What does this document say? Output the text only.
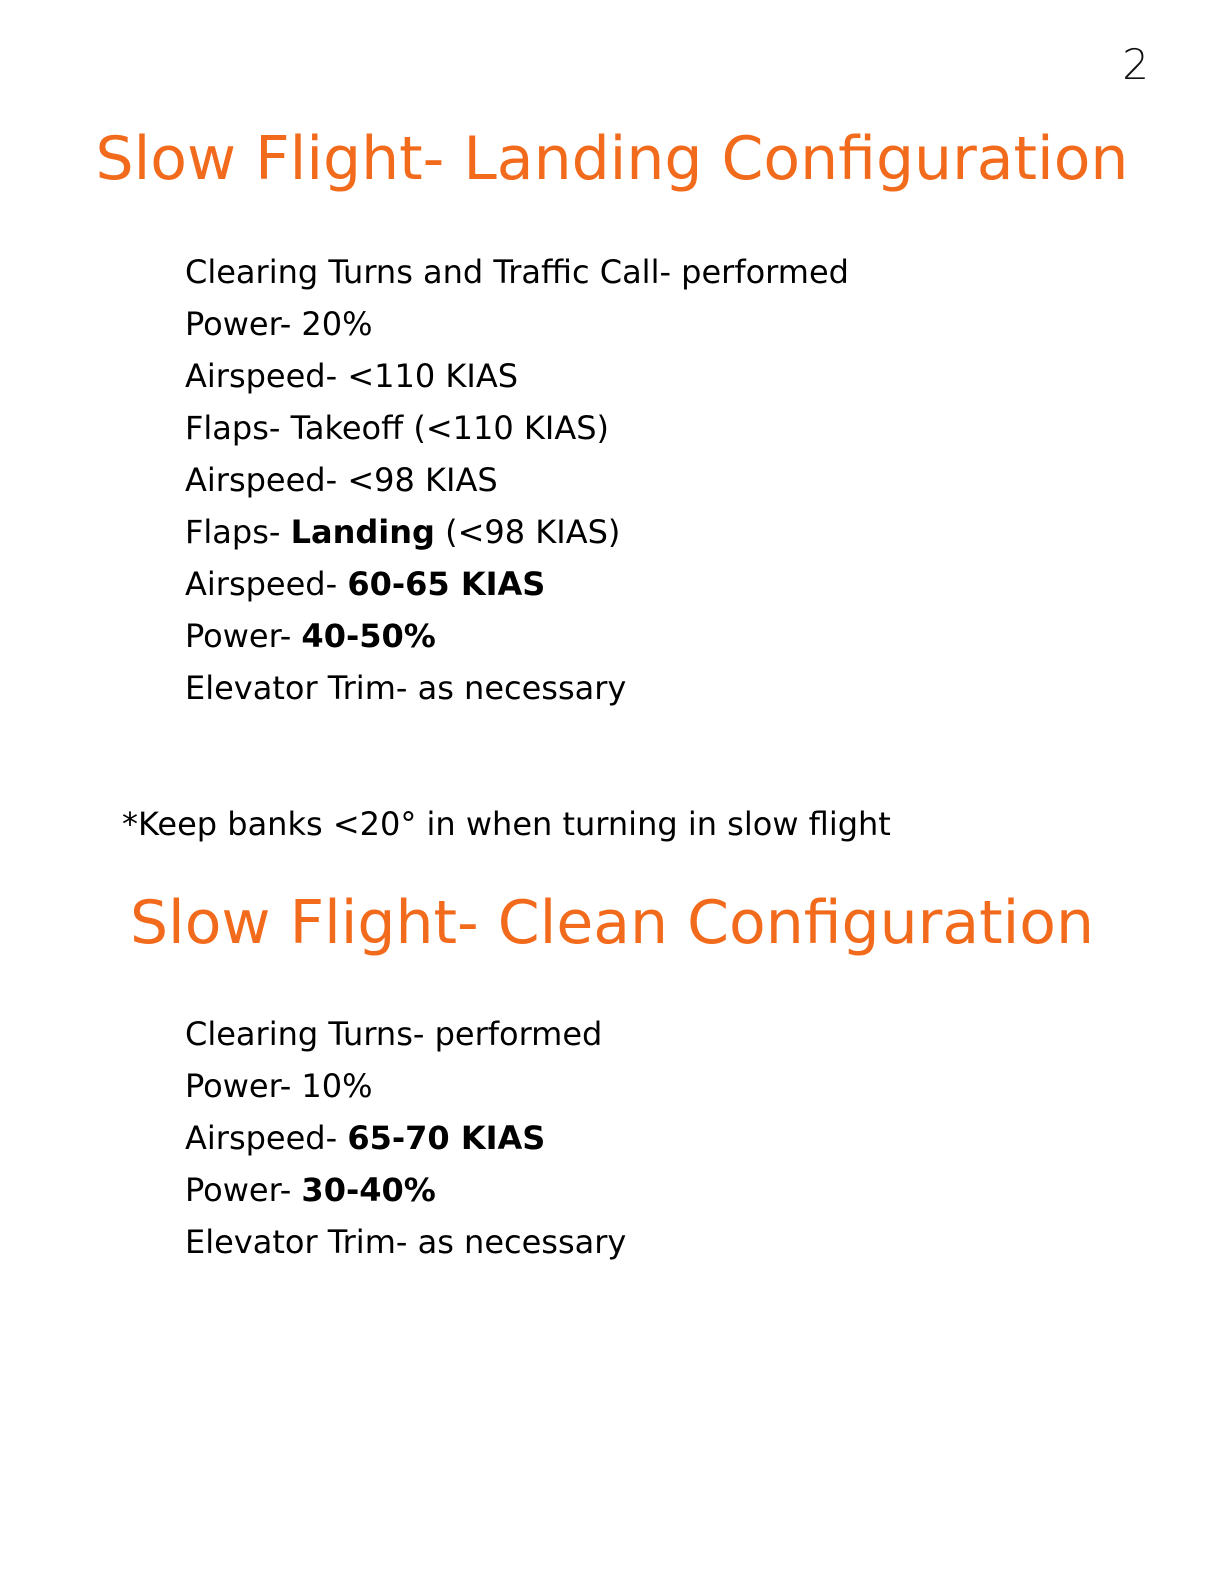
2
Slow Flight- Landing Configuration
Clearing Turns and Traffic Call- performed
Power- 20%
Airspeed- <110 KIAS
Flaps- Takeoff (<110 KIAS)
Airspeed- <98 KIAS
Flaps- Landing (<98 KIAS)
Airspeed- 60-65 KIAS
Power- 40-50%
Elevator Trim- as necessary

*Keep banks <20° in when turning in slow flight

Slow Flight- Clean Configuration
Clearing Turns- performed
Power- 10%
Airspeed- 65-70 KIAS
Power- 30-40%
Elevator Trim- as necessary
